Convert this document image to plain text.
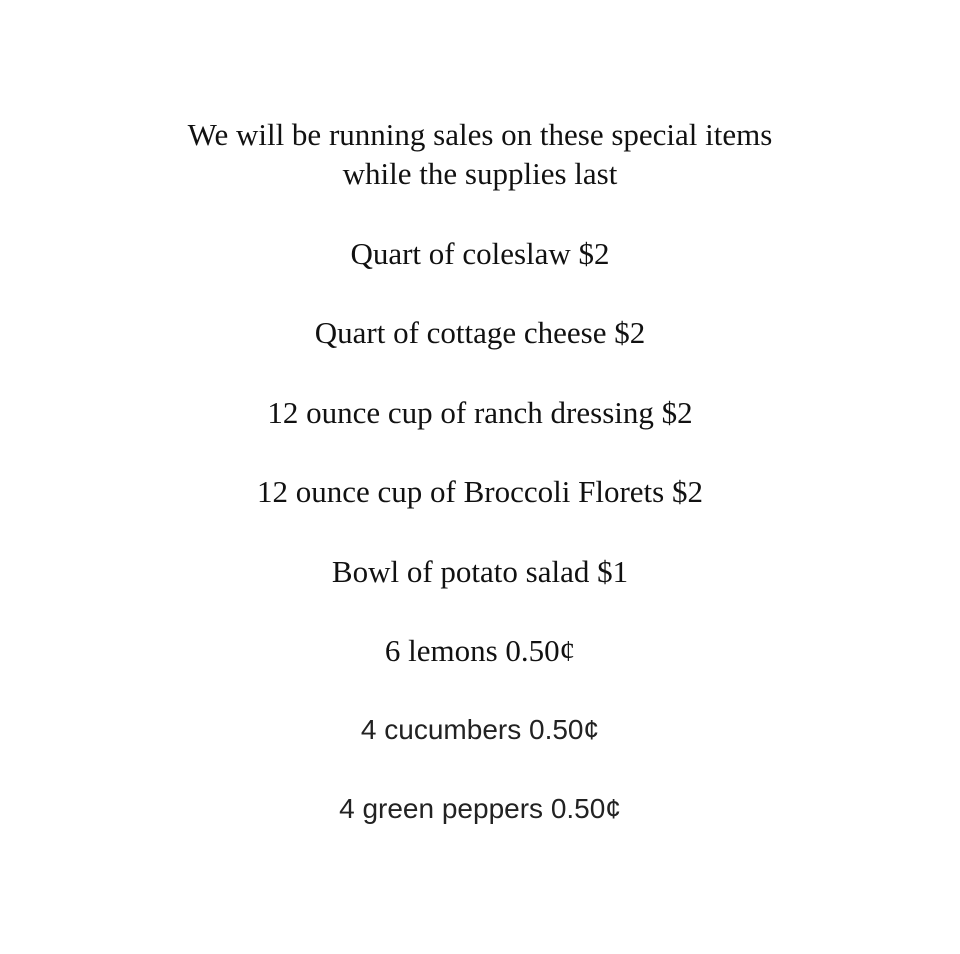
We will be running sales on these special items
while the supplies last
Quart of coleslaw $2
Quart of cottage cheese $2
12 ounce cup of ranch dressing $2
12 ounce cup of Broccoli Florets $2
Bowl of potato salad $1
6 lemons 0.50¢
4 cucumbers 0.50¢
4 green peppers 0.50¢
